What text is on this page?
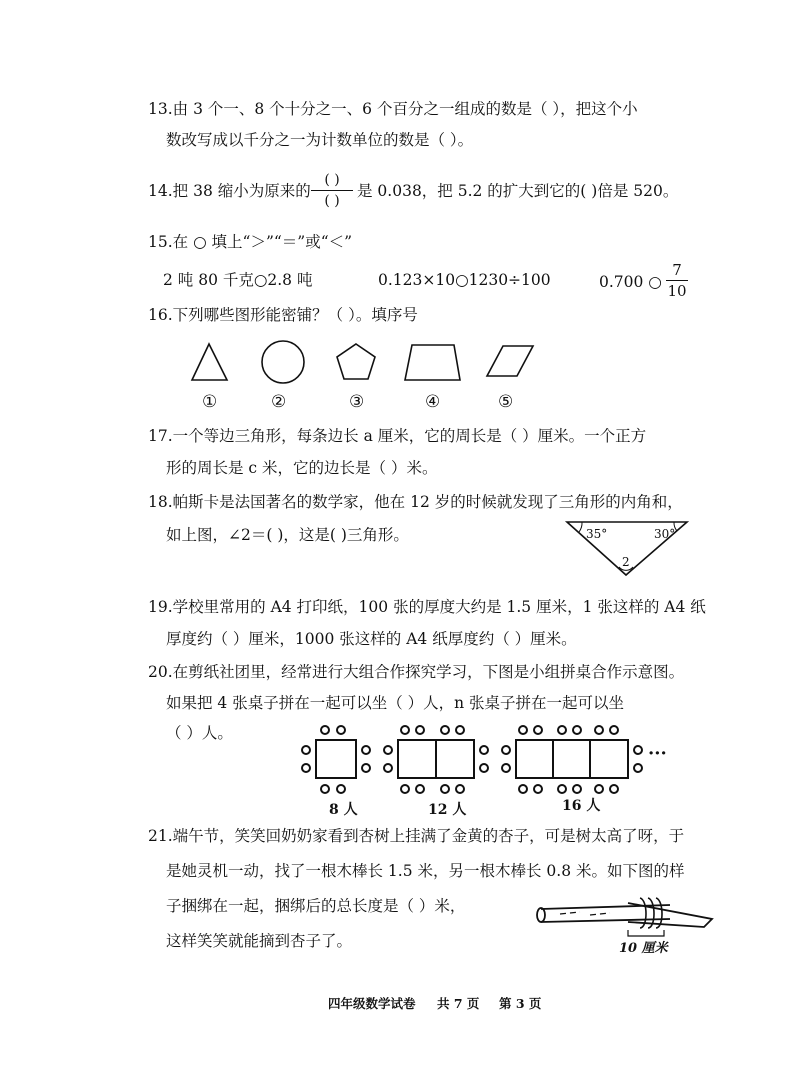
13.由 3 个一、8 个十分之一、6 个百分之一组成的数是（ ），把这个小
数改写成以千分之一为计数单位的数是（ ）。
14.把 38 缩小为原来的
( )
( )
是 0.038，把 5.2 的扩大到它的( )倍是 520。
15.在 ○ 填上“＞”“＝”或“＜”
2 吨 80 千克○2.8 吨	0.123×10○1230÷100	0.700 ○
7
10
16.下列哪些图形能密铺？（ ）。填序号
①	②	③	④	⑤
17.一个等边三角形，每条边长 a 厘米，它的周长是（ ）厘米。一个正方
形的周长是 c 米，它的边长是（ ）米。
18.帕斯卡是法国著名的数学家，他在 12 岁的时候就发现了三角形的内角和，
如上图，∠2＝( )，这是( )三角形。	35°	30°
2
19.学校里常用的 A4 打印纸，100 张的厚度大约是 1.5 厘米，1 张这样的 A4 纸
厚度约（ ）厘米，1000 张这样的 A4 纸厚度约（ ）厘米。
20.在剪纸社团里，经常进行大组合作探究学习，下图是小组拼桌合作示意图。
如果把 4 张桌子拼在一起可以坐（ ）人，n 张桌子拼在一起可以坐
（ ）人。
···
8 人	12 人	16 人
21.端午节，笑笑回奶奶家看到杏树上挂满了金黄的杏子，可是树太高了呀，于
是她灵机一动，找了一根木棒长 1.5 米，另一根木棒长 0.8 米。如下图的样
子捆绑在一起，捆绑后的总长度是（ ）米，
这样笑笑就能摘到杏子了。	10 厘米
四年级数学试卷 共 7 页 第 3 页
